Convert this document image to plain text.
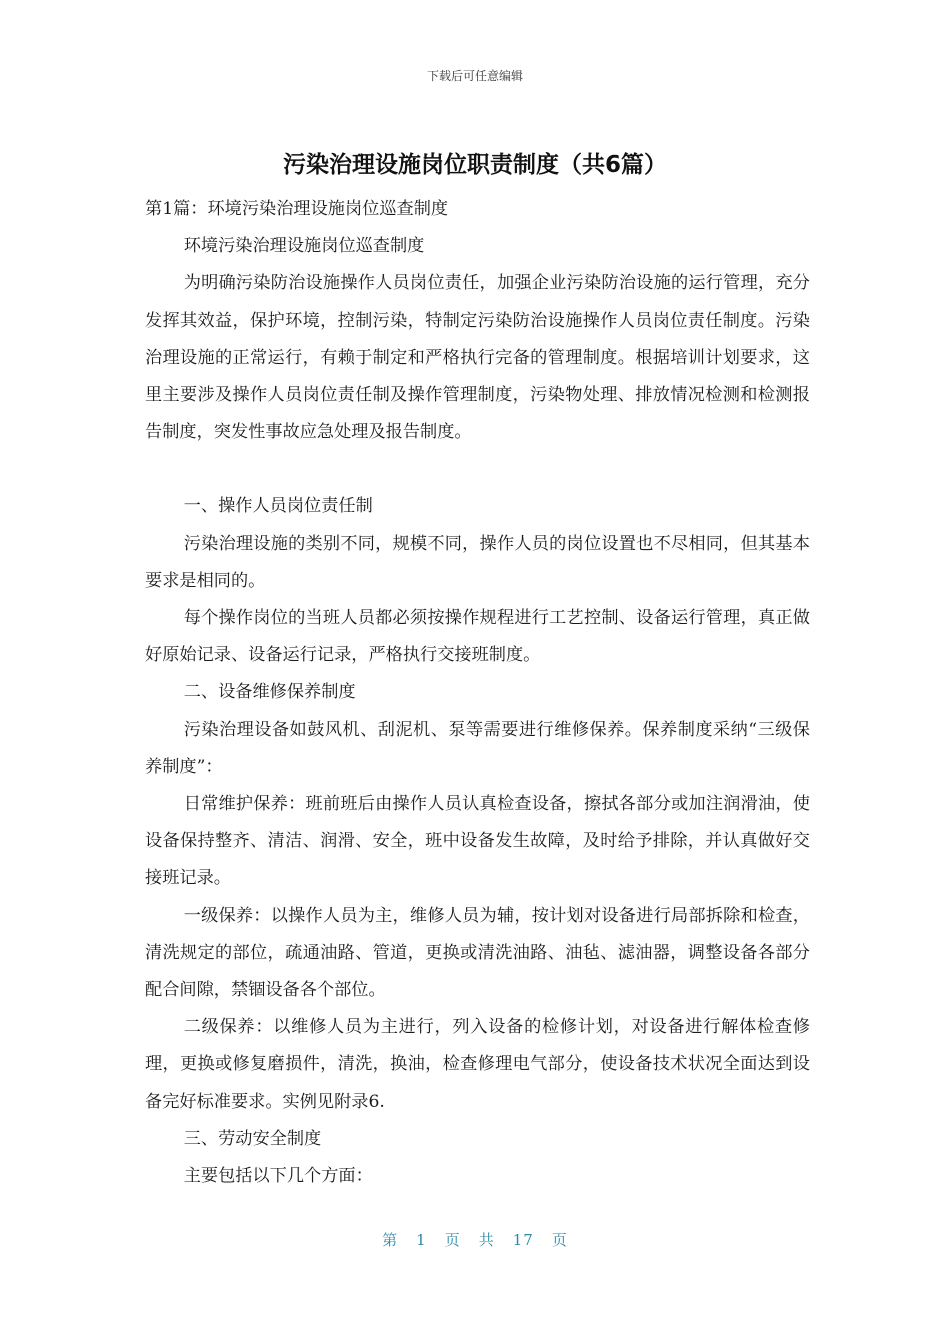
下载后可任意编辑
污染治理设施岗位职责制度（共6篇）

第1篇：环境污染治理设施岗位巡查制度

环境污染治理设施岗位巡查制度

为明确污染防治设施操作人员岗位责任，加强企业污染防治设施的运行管理，充分发挥其效益，保护环境，控制污染，特制定污染防治设施操作人员岗位责任制度。污染治理设施的正常运行，有赖于制定和严格执行完备的管理制度。根据培训计划要求，这里主要涉及操作人员岗位责任制及操作管理制度，污染物处理、排放情况检测和检测报告制度，突发性事故应急处理及报告制度。

一、操作人员岗位责任制

污染治理设施的类别不同，规模不同，操作人员的岗位设置也不尽相同，但其基本要求是相同的。

每个操作岗位的当班人员都必须按操作规程进行工艺控制、设备运行管理，真正做好原始记录、设备运行记录，严格执行交接班制度。

二、设备维修保养制度

污染治理设备如鼓风机、刮泥机、泵等需要进行维修保养。保养制度采纳“三级保养制度”：

日常维护保养：班前班后由操作人员认真检查设备，擦拭各部分或加注润滑油，使设备保持整齐、清洁、润滑、安全，班中设备发生故障，及时给予排除，并认真做好交接班记录。

一级保养：以操作人员为主，维修人员为辅，按计划对设备进行局部拆除和检查，清洗规定的部位，疏通油路、管道，更换或清洗油路、油毡、滤油器，调整设备各部分配合间隙，禁锢设备各个部位。

二级保养：以维修人员为主进行，列入设备的检修计划，对设备进行解体检查修理，更换或修复磨损件，清洗，换油，检查修理电气部分，使设备技术状况全面达到设备完好标准要求。实例见附录6.

三、劳动安全制度

主要包括以下几个方面：

第 1 页 共 17 页
